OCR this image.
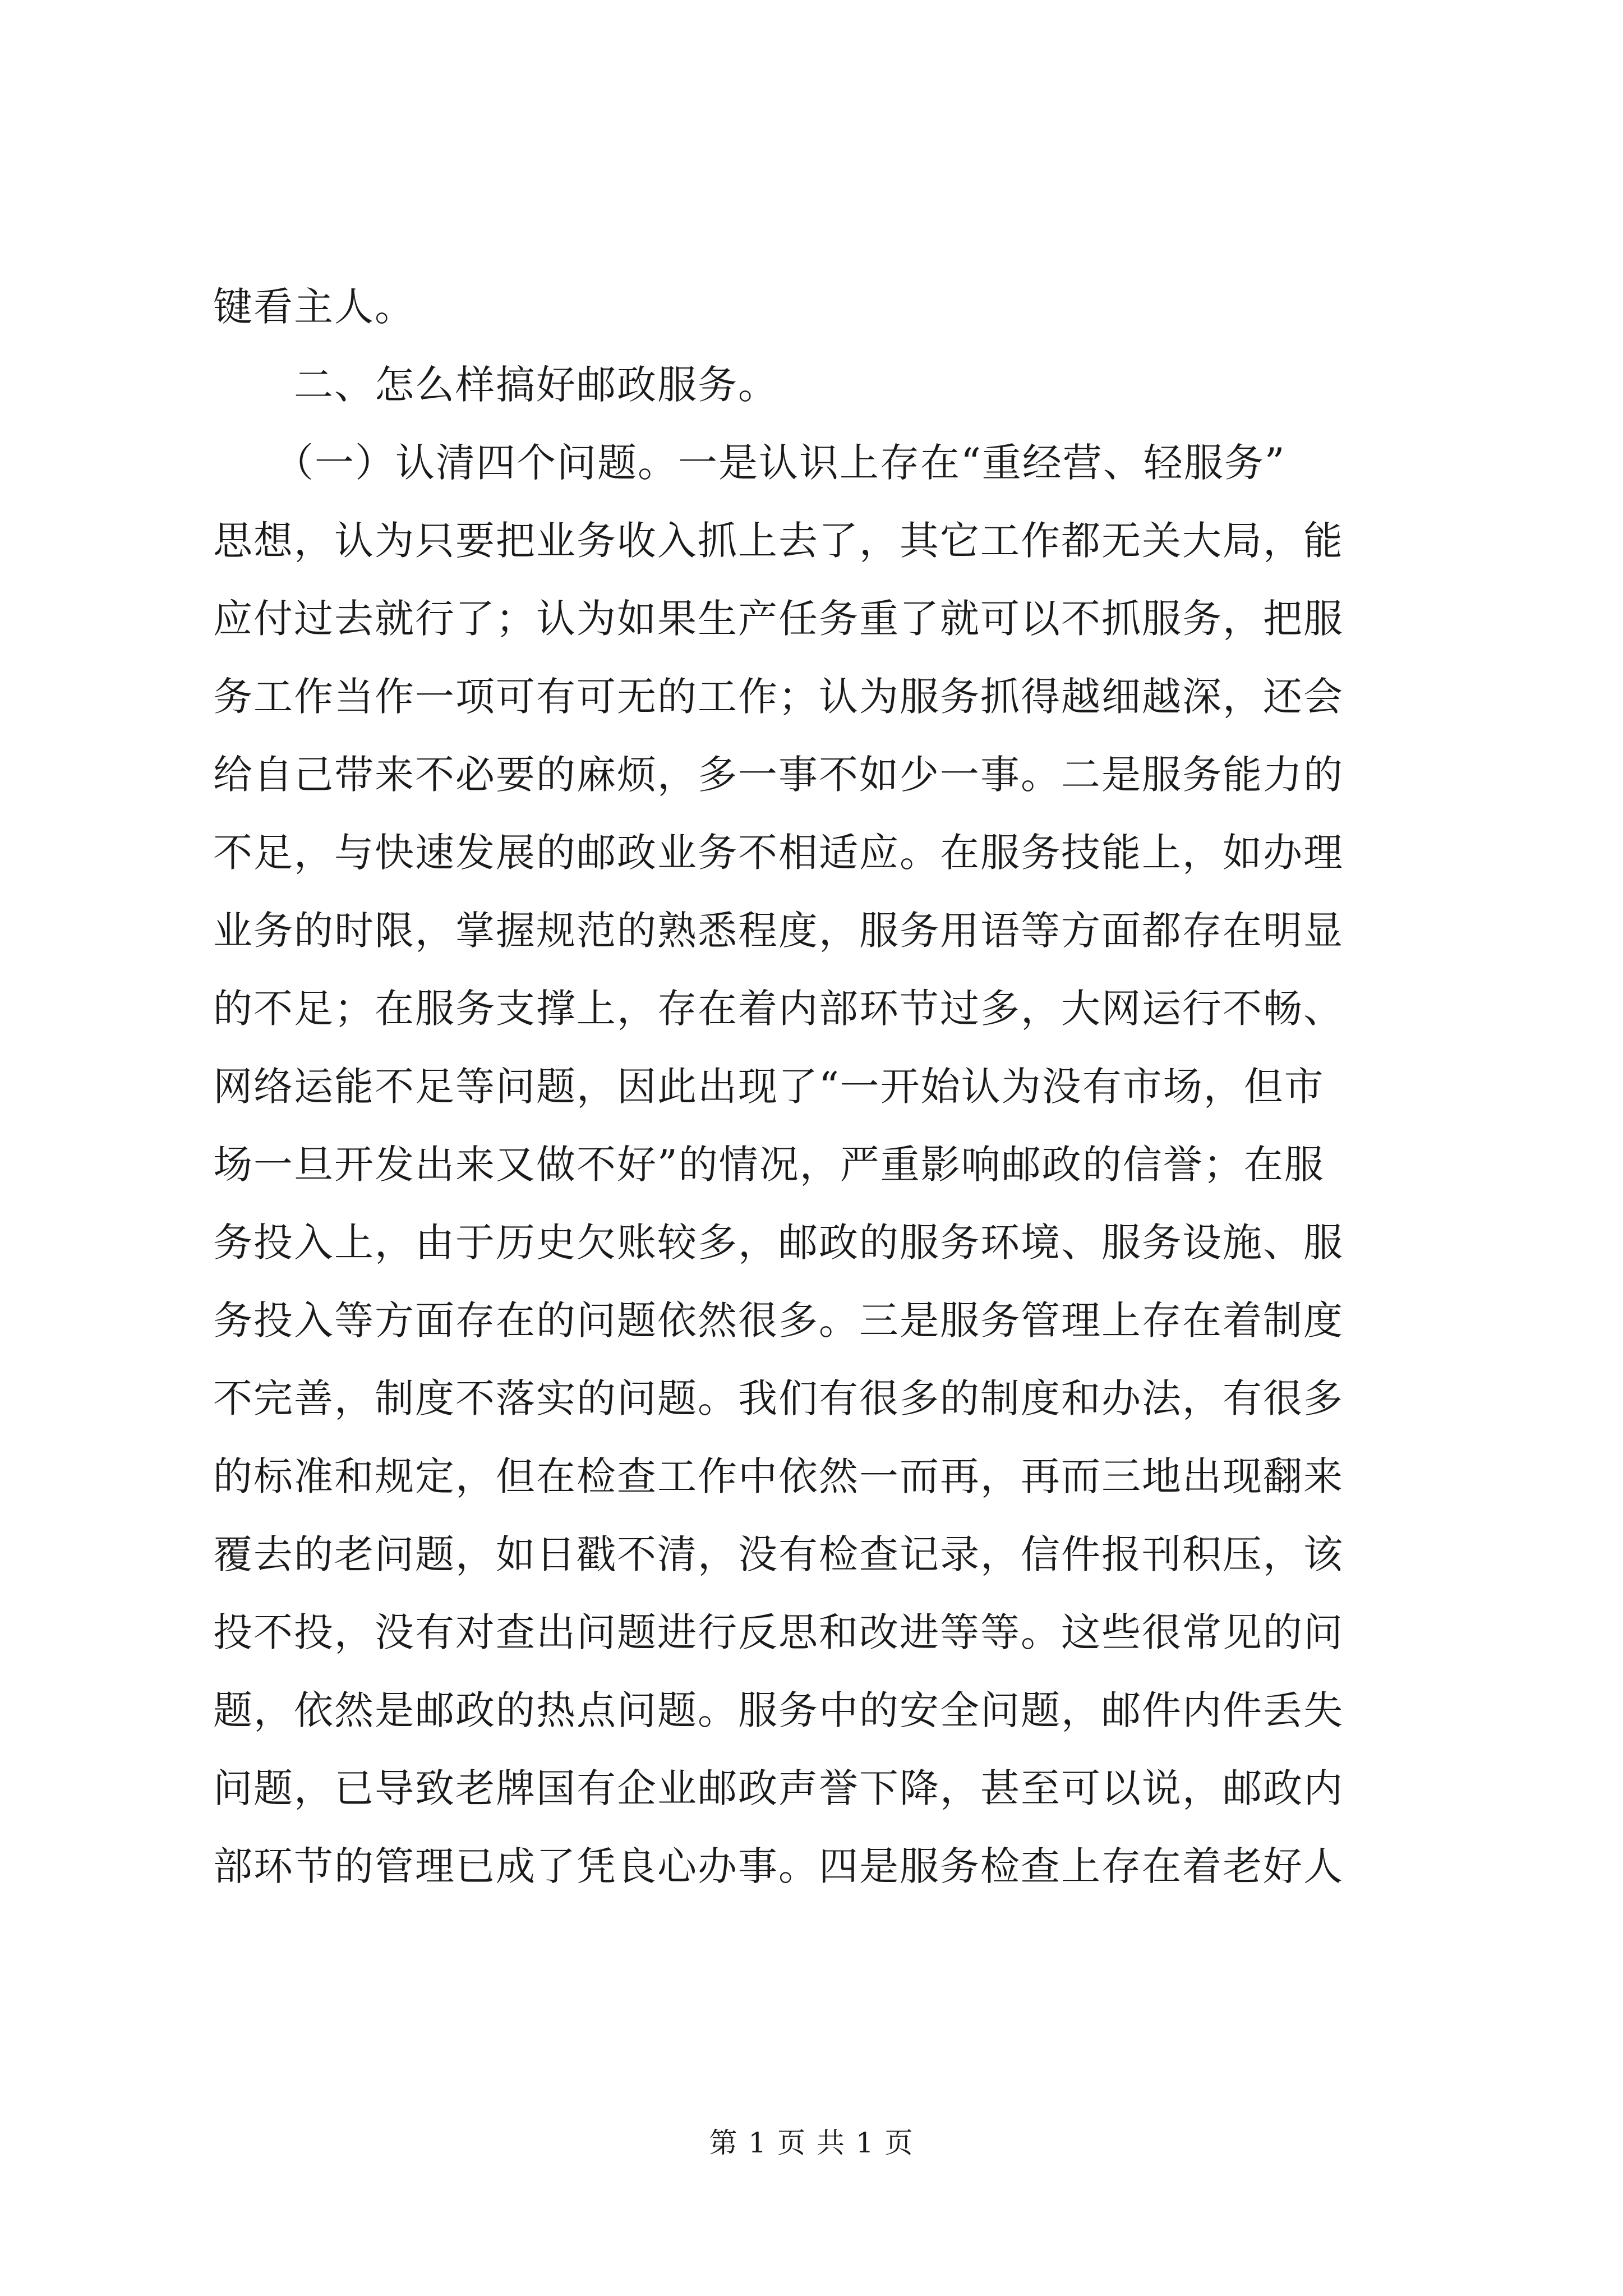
键看主人。
　　二、怎么样搞好邮政服务。
　　（一）认清四个问题。一是认识上存在“重经营、轻服务”
思想，认为只要把业务收入抓上去了，其它工作都无关大局，能
应付过去就行了；认为如果生产任务重了就可以不抓服务，把服
务工作当作一项可有可无的工作；认为服务抓得越细越深，还会
给自己带来不必要的麻烦，多一事不如少一事。二是服务能力的
不足，与快速发展的邮政业务不相适应。在服务技能上，如办理
业务的时限，掌握规范的熟悉程度，服务用语等方面都存在明显
的不足；在服务支撑上，存在着内部环节过多，大网运行不畅、
网络运能不足等问题，因此出现了“一开始认为没有市场，但市
场一旦开发出来又做不好”的情况，严重影响邮政的信誉；在服
务投入上，由于历史欠账较多，邮政的服务环境、服务设施、服
务投入等方面存在的问题依然很多。三是服务管理上存在着制度
不完善，制度不落实的问题。我们有很多的制度和办法，有很多
的标准和规定，但在检查工作中依然一而再，再而三地出现翻来
覆去的老问题，如日戳不清，没有检查记录，信件报刊积压，该
投不投，没有对查出问题进行反思和改进等等。这些很常见的问
题，依然是邮政的热点问题。服务中的安全问题，邮件内件丢失
问题，已导致老牌国有企业邮政声誉下降，甚至可以说，邮政内
部环节的管理已成了凭良心办事。四是服务检查上存在着老好人
第 1 页 共 1 页
